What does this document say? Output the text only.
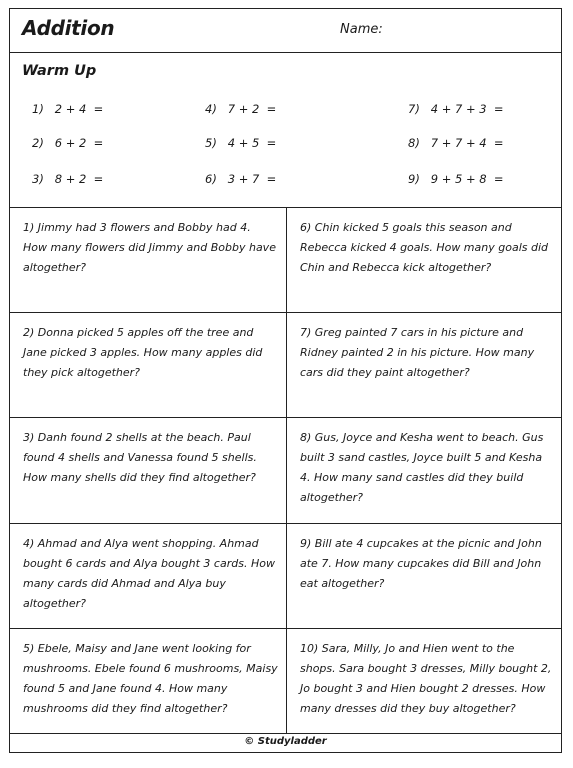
Addition	Name:
Warm Up
1)   2 + 4  =
2)   6 + 2  =
3)   8 + 2  =
4)   7 + 2  =
5)   4 + 5  =
6)   3 + 7  =
7)   4 + 7 + 3  =
8)   7 + 7 + 4  =
9)   9 + 5 + 8  =
1) Jimmy had 3 flowers and Bobby had 4. How many flowers did Jimmy and Bobby have altogether?
6) Chin kicked 5 goals this season and Rebecca kicked 4 goals. How many goals did Chin and Rebecca kick altogether?
2) Donna picked 5 apples off the tree and Jane picked 3 apples. How many apples did they pick altogether?
7) Greg painted 7 cars in his picture and Ridney painted 2 in his picture. How many cars did they paint altogether?
3) Danh found 2 shells at the beach. Paul found 4 shells and Vanessa found 5 shells. How many shells did they find altogether?
8) Gus, Joyce and Kesha went to beach. Gus built 3 sand castles, Joyce built 5 and Kesha 4. How many sand castles did they build altogether?
4) Ahmad and Alya went shopping. Ahmad bought 6 cards and Alya bought 3 cards. How many cards did Ahmad and Alya buy altogether?
9) Bill ate 4 cupcakes at the picnic and John ate 7. How many cupcakes did Bill and John eat altogether?
5) Ebele, Maisy and Jane went looking for mushrooms. Ebele found 6 mushrooms, Maisy found 5 and Jane found 4. How many mushrooms did they find altogether?
10) Sara, Milly, Jo and Hien went to the shops. Sara bought 3 dresses, Milly bought 2, Jo bought 3 and Hien bought 2 dresses. How many dresses did they buy altogether?
© Studyladder
